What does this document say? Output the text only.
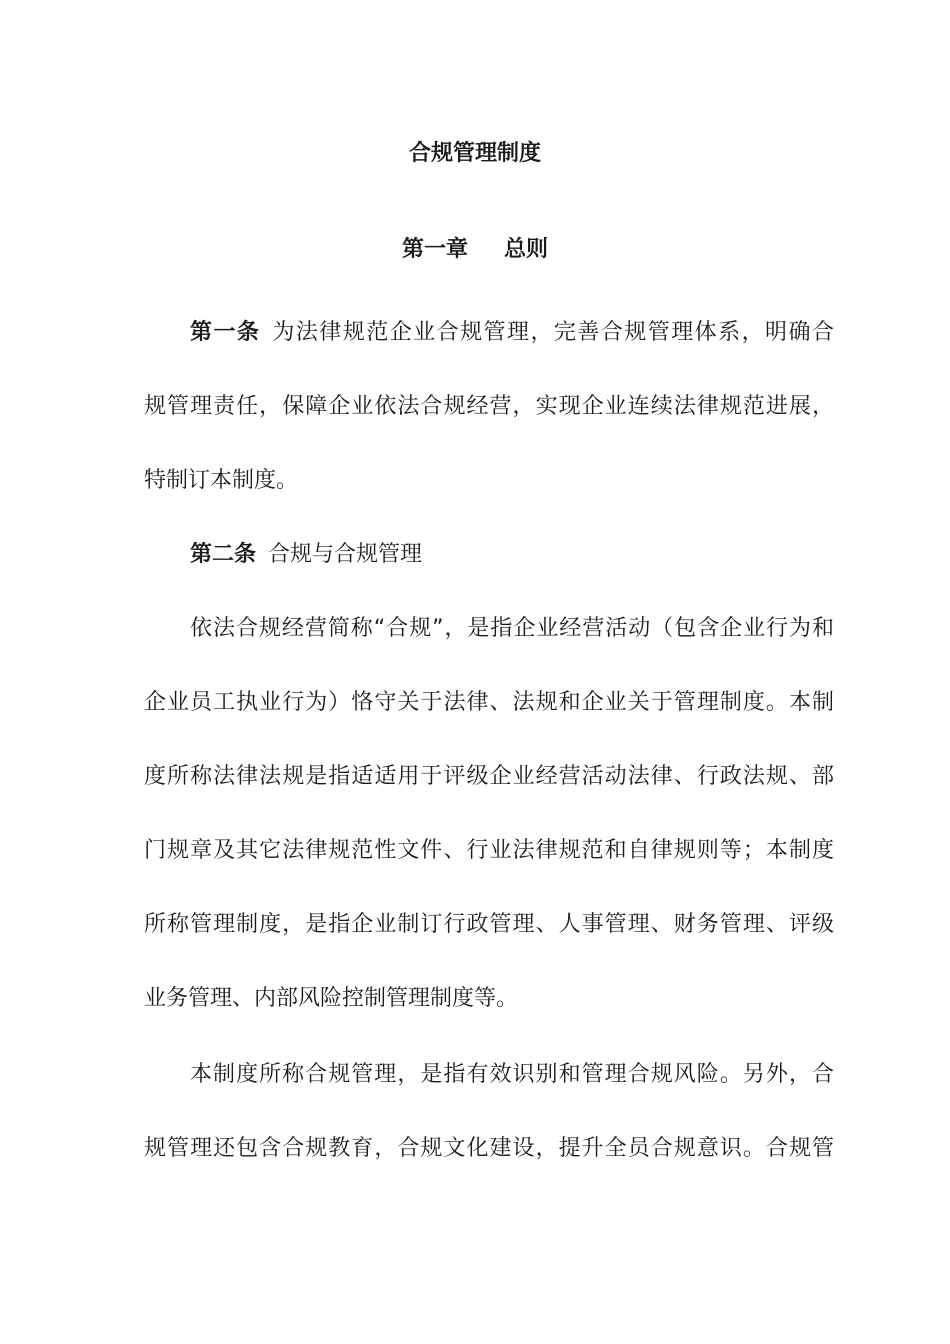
合规管理制度
第一章 总则
第一条 为法律规范企业合规管理，完善合规管理体系，明确合
规管理责任，保障企业依法合规经营，实现企业连续法律规范进展，
特制订本制度。
第二条 合规与合规管理
依法合规经营简称“合规”，是指企业经营活动（包含企业行为和
企业员工执业行为）恪守关于法律、法规和企业关于管理制度。本制
度所称法律法规是指适适用于评级企业经营活动法律、行政法规、部
门规章及其它法律规范性文件、行业法律规范和自律规则等；本制度
所称管理制度，是指企业制订行政管理、人事管理、财务管理、评级
业务管理、内部风险控制管理制度等。
本制度所称合规管理，是指有效识别和管理合规风险。另外，合
规管理还包含合规教育，合规文化建设，提升全员合规意识。合规管
